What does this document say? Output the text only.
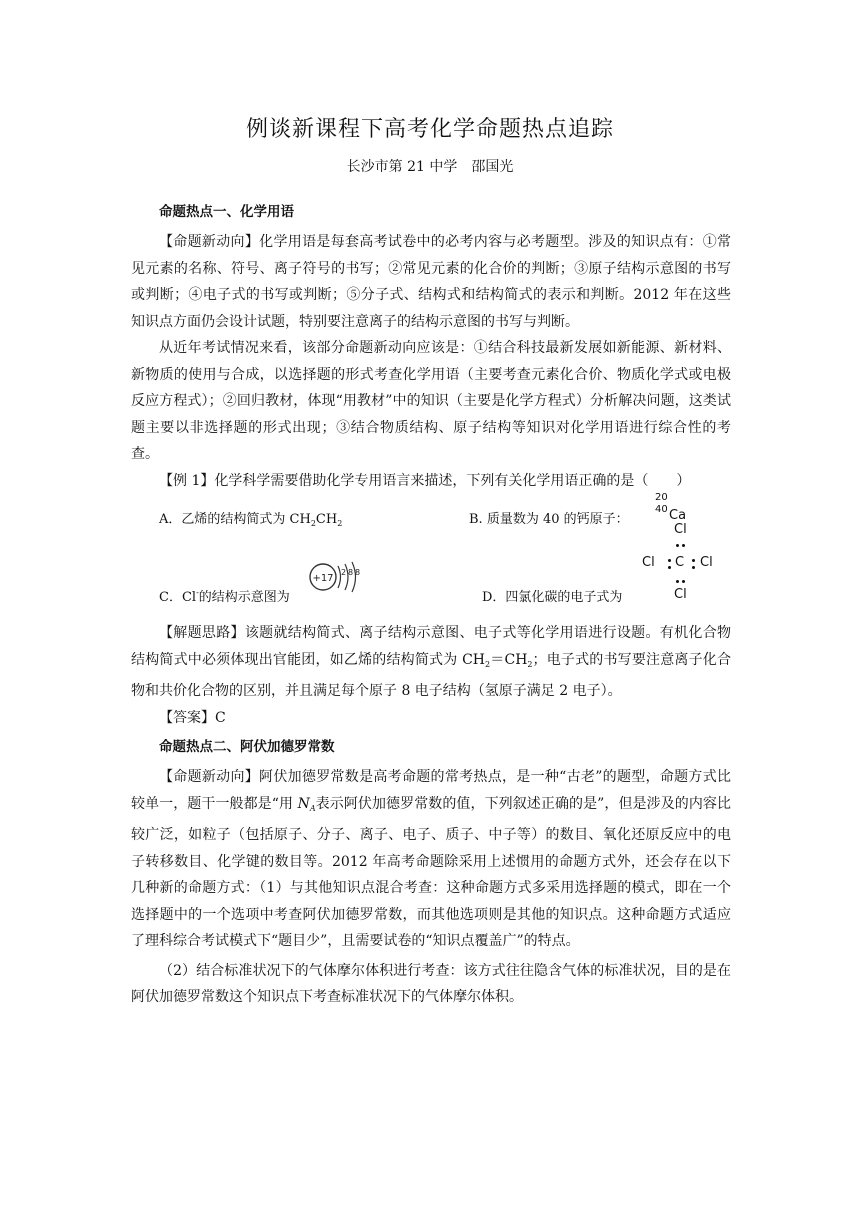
例谈新课程下高考化学命题热点追踪
长沙市第 21 中学　邵国光

命题热点一、化学用语

【命题新动向】化学用语是每套高考试卷中的必考内容与必考题型。涉及的知识点有：①常见元素的名称、符号、离子符号的书写；②常见元素的化合价的判断；③原子结构示意图的书写或判断；④电子式的书写或判断；⑤分子式、结构式和结构简式的表示和判断。2012 年在这些知识点方面仍会设计试题，特别要注意离子的结构示意图的书写与判断。

从近年考试情况来看，该部分命题新动向应该是：①结合科技最新发展如新能源、新材料、新物质的使用与合成，以选择题的形式考查化学用语（主要考查元素化合价、物质化学式或电极反应方程式）；②回归教材，体现“用教材”中的知识（主要是化学方程式）分析解决问题，这类试题主要以非选择题的形式出现；③结合物质结构、原子结构等知识对化学用语进行综合性的考查。

【例 1】化学科学需要借助化学专用语言来描述，下列有关化学用语正确的是（　　）

A．乙烯的结构简式为 $CH_2CH_2$	B. 质量数为 40 的钙原子：
20
40 Ca
C．Cl-的结构示意图为
+17
2 8 8
D．四氯化碳的电子式为
Cl
Cl C Cl
Cl

【解题思路】该题就结构简式、离子结构示意图、电子式等化学用语进行设题。有机化合物结构简式中必须体现出官能团，如乙烯的结构简式为 $CH_2=CH_2$；电子式的书写要注意离子化合物和共价化合物的区别，并且满足每个原子 8 电子结构（氢原子满足 2 电子）。

【答案】C

命题热点二、阿伏加德罗常数

【命题新动向】阿伏加德罗常数是高考命题的常考热点，是一种“古老”的题型，命题方式比较单一，题干一般都是“用 $N_A$表示阿伏加德罗常数的值，下列叙述正确的是”，但是涉及的内容比较广泛，如粒子（包括原子、分子、离子、电子、质子、中子等）的数目、氧化还原反应中的电子转移数目、化学键的数目等。2012 年高考命题除采用上述惯用的命题方式外，还会存在以下几种新的命题方式：（1）与其他知识点混合考查：这种命题方式多采用选择题的模式，即在一个选择题中的一个选项中考查阿伏加德罗常数，而其他选项则是其他的知识点。这种命题方式适应了理科综合考试模式下“题目少”，且需要试卷的“知识点覆盖广”的特点。

（2）结合标准状况下的气体摩尔体积进行考查：该方式往往隐含气体的标准状况，目的是在阿伏加德罗常数这个知识点下考查标准状况下的气体摩尔体积。
